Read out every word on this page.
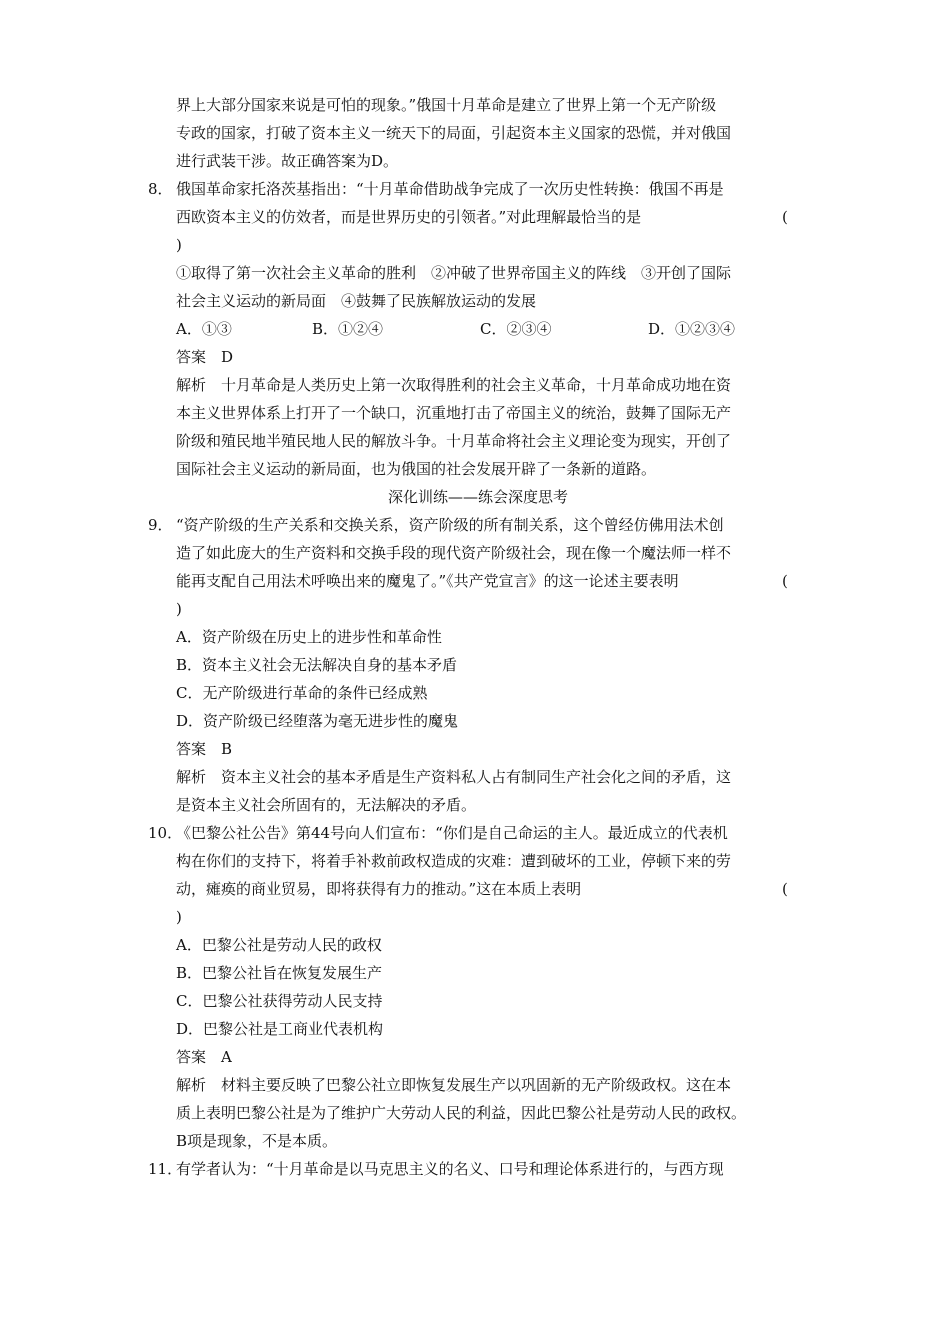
界上大部分国家来说是可怕的现象。”俄国十月革命是建立了世界上第一个无产阶级
专政的国家，打破了资本主义一统天下的局面，引起资本主义国家的恐慌，并对俄国
进行武装干涉。故正确答案为D。
8． 俄国革命家托洛茨基指出：“十月革命借助战争完成了一次历史性转换：俄国不再是
西欧资本主义的仿效者，而是世界历史的引领者。”对此理解最恰当的是	(
)
①取得了第一次社会主义革命的胜利　②冲破了世界帝国主义的阵线　③开创了国际
社会主义运动的新局面　④鼓舞了民族解放运动的发展
A．①③	B．①②④	C．②③④	D．①②③④
答案　D
解析　十月革命是人类历史上第一次取得胜利的社会主义革命，十月革命成功地在资
本主义世界体系上打开了一个缺口，沉重地打击了帝国主义的统治，鼓舞了国际无产
阶级和殖民地半殖民地人民的解放斗争。十月革命将社会主义理论变为现实，开创了
国际社会主义运动的新局面，也为俄国的社会发展开辟了一条新的道路。
深化训练——练会深度思考
9． “资产阶级的生产关系和交换关系，资产阶级的所有制关系，这个曾经仿佛用法术创
造了如此庞大的生产资料和交换手段的现代资产阶级社会，现在像一个魔法师一样不
能再支配自己用法术呼唤出来的魔鬼了。”《共产党宣言》的这一论述主要表明	(
)
A．资产阶级在历史上的进步性和革命性
B．资本主义社会无法解决自身的基本矛盾
C．无产阶级进行革命的条件已经成熟
D．资产阶级已经堕落为毫无进步性的魔鬼
答案　B
解析　资本主义社会的基本矛盾是生产资料私人占有制同生产社会化之间的矛盾，这
是资本主义社会所固有的，无法解决的矛盾。
10．
《巴黎公社公告》第44号向人们宣布：“你们是自己命运的主人。最近成立的代表机
构在你们的支持下，将着手补救前政权造成的灾难：遭到破坏的工业，停顿下来的劳
动，瘫痪的商业贸易，即将获得有力的推动。”这在本质上表明	(
)
A．巴黎公社是劳动人民的政权
B．巴黎公社旨在恢复发展生产
C．巴黎公社获得劳动人民支持
D．巴黎公社是工商业代表机构
答案　A
解析　材料主要反映了巴黎公社立即恢复发展生产以巩固新的无产阶级政权。这在本
质上表明巴黎公社是为了维护广大劳动人民的利益，因此巴黎公社是劳动人民的政权。
B项是现象，不是本质。
11．
有学者认为：“十月革命是以马克思主义的名义、口号和理论体系进行的，与西方现
